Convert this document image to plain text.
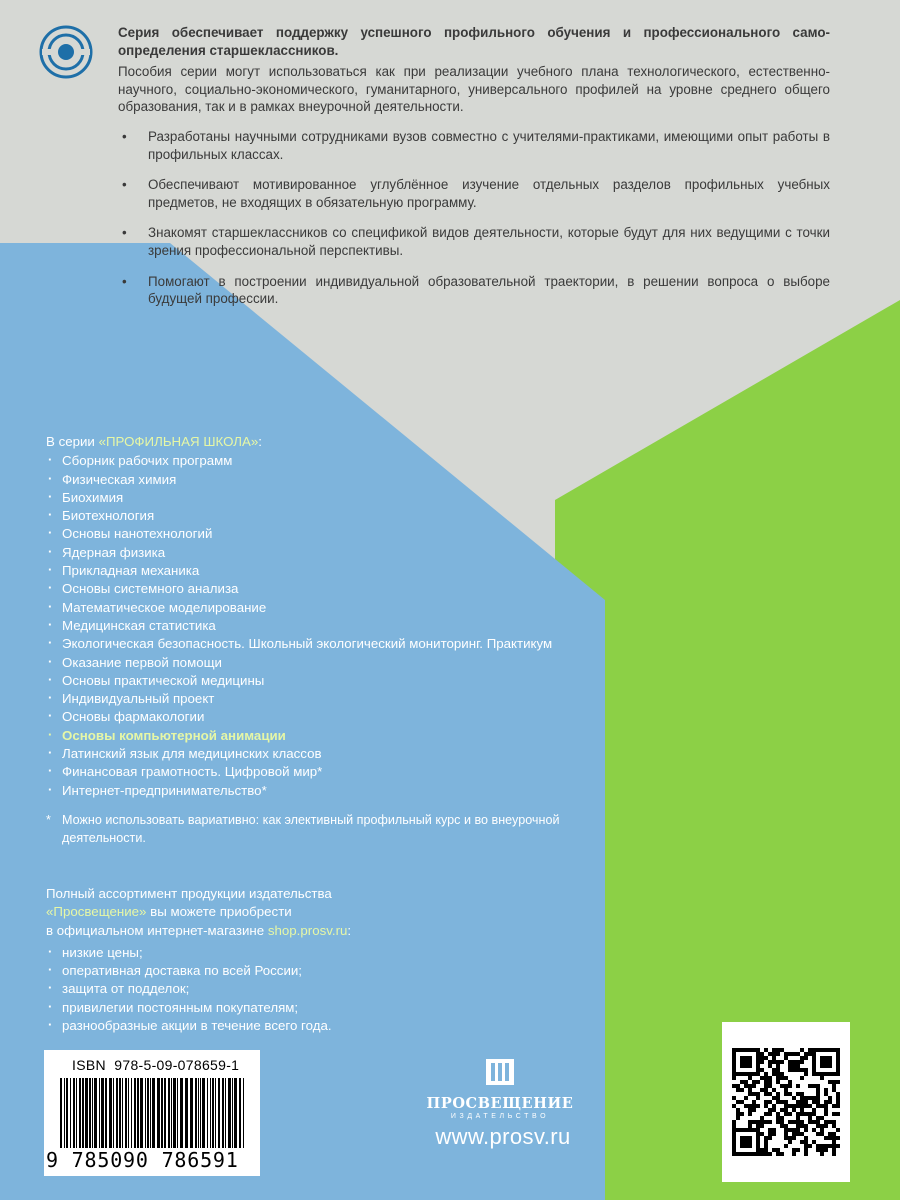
Серия обеспечивает поддержку успешного профильного обучения и профессионального самоопределения старшеклассников.

Пособия серии могут использоваться как при реализации учебного плана технологического, естественно-научного, социально-экономического, гуманитарного, универсального профилей на уровне среднего общего образования, так и в рамках внеурочной деятельности.

• Разработаны научными сотрудниками вузов совместно с учителями-практиками, имеющими опыт работы в профильных классах.
• Обеспечивают мотивированное углублённое изучение отдельных разделов профильных учебных предметов, не входящих в обязательную программу.
• Знакомят старшеклассников со спецификой видов деятельности, которые будут для них ведущими с точки зрения профессиональной перспективы.
• Помогают в построении индивидуальной образовательной траектории, в решении вопроса о выборе будущей профессии.
В серии «ПРОФИЛЬНАЯ ШКОЛА»:
· Сборник рабочих программ
· Физическая химия
· Биохимия
· Биотехнология
· Основы нанотехнологий
· Ядерная физика
· Прикладная механика
· Основы системного анализа
· Математическое моделирование
· Медицинская статистика
· Экологическая безопасность. Школьный экологический мониторинг. Практикум
· Оказание первой помощи
· Основы практической медицины
· Индивидуальный проект
· Основы фармакологии
· Основы компьютерной анимации
· Латинский язык для медицинских классов
· Финансовая грамотность. Цифровой мир*
· Интернет-предпринимательство*
* Можно использовать вариативно: как элективный профильный курс и во внеурочной деятельности.

Полный ассортимент продукции издательства

«Просвещение» вы можете приобрести

в официальном интернет-магазине shop.prosv.ru:

· низкие цены;
· оперативная доставка по всей России;
· защита от подделок;
· привилегии постоянным покупателям;
· разнообразные акции в течение всего года.
ISBN 978-5-09-078659-1
9 785090 786591
ПРОСВЕЩЕНИЕ
ИЗДАТЕЛЬСТВО
www.prosv.ru
